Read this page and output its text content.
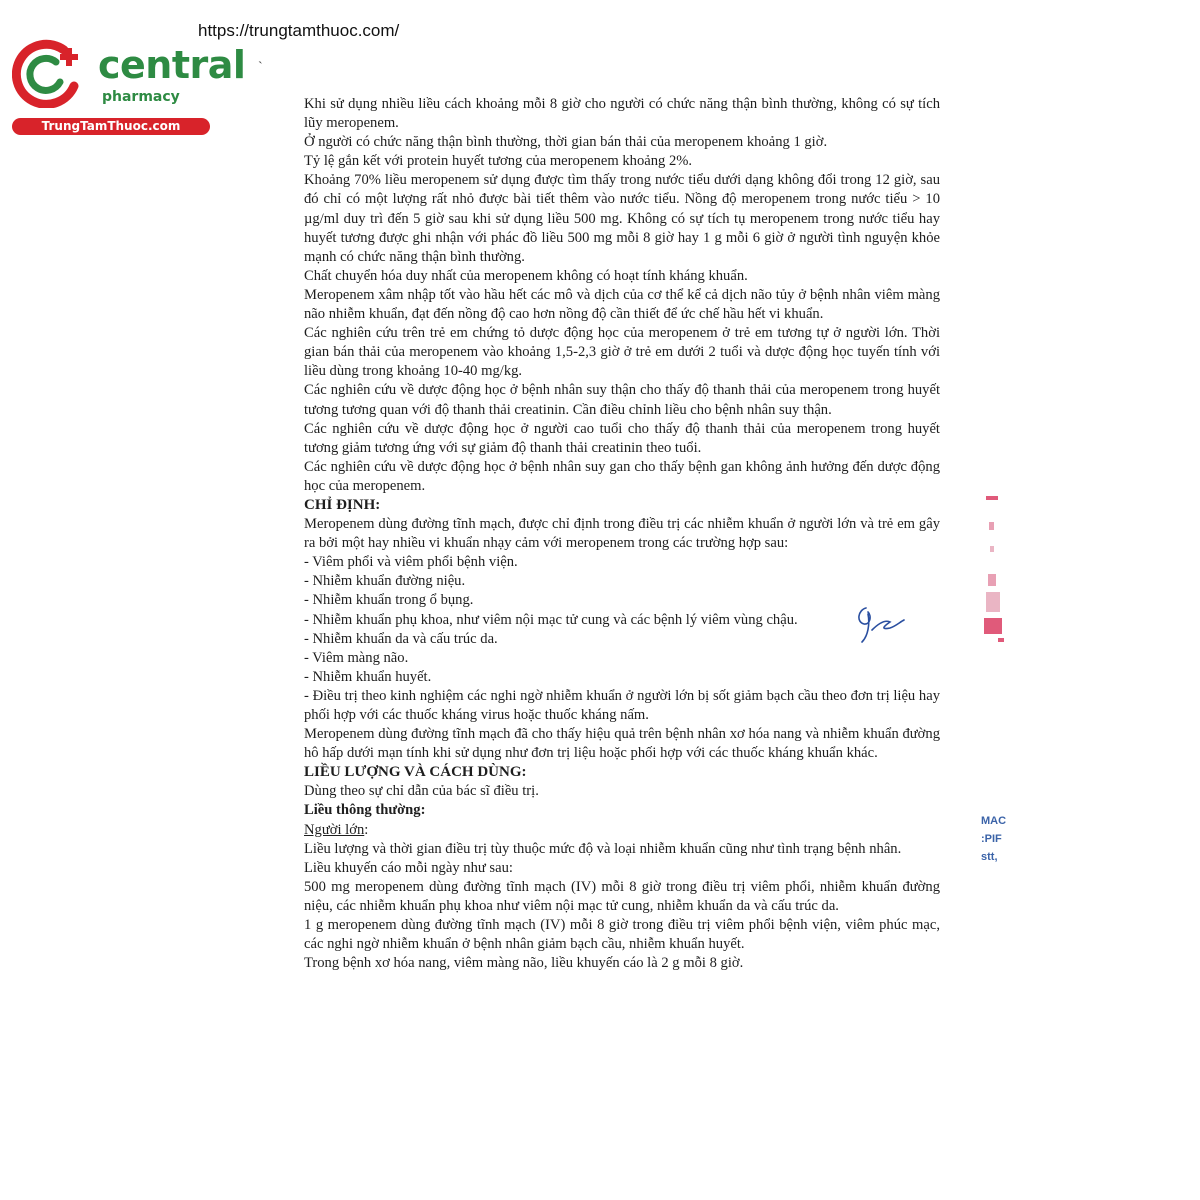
https://trungtamthuoc.com/
central
pharmacy
TrungTamThuoc.com
`

Khi sử dụng nhiều liều cách khoảng mỗi 8 giờ cho người có chức năng thận bình thường, không có sự tích lũy meropenem.

Ở người có chức năng thận bình thường, thời gian bán thải của meropenem khoảng 1 giờ.

Tỷ lệ gắn kết với protein huyết tương của meropenem khoảng 2%.

Khoảng 70% liều meropenem sử dụng được tìm thấy trong nước tiểu dưới dạng không đổi trong 12 giờ, sau đó chỉ có một lượng rất nhỏ được bài tiết thêm vào nước tiểu. Nồng độ meropenem trong nước tiểu > 10 µg/ml duy trì đến 5 giờ sau khi sử dụng liều 500 mg. Không có sự tích tụ meropenem trong nước tiểu hay huyết tương được ghi nhận với phác đồ liều 500 mg mỗi 8 giờ hay 1 g mỗi 6 giờ ở người tình nguyện khỏe mạnh có chức năng thận bình thường.

Chất chuyển hóa duy nhất của meropenem không có hoạt tính kháng khuẩn.

Meropenem xâm nhập tốt vào hầu hết các mô và dịch của cơ thể kể cả dịch não tủy ở bệnh nhân viêm màng não nhiễm khuẩn, đạt đến nồng độ cao hơn nồng độ cần thiết để ức chế hầu hết vi khuẩn.

Các nghiên cứu trên trẻ em chứng tỏ dược động học của meropenem ở trẻ em tương tự ở người lớn. Thời gian bán thải của meropenem vào khoảng 1,5-2,3 giờ ở trẻ em dưới 2 tuổi và dược động học tuyến tính với liều dùng trong khoảng 10-40 mg/kg.

Các nghiên cứu về dược động học ở bệnh nhân suy thận cho thấy độ thanh thải của meropenem trong huyết tương tương quan với độ thanh thải creatinin. Cần điều chỉnh liều cho bệnh nhân suy thận.

Các nghiên cứu về dược động học ở người cao tuổi cho thấy độ thanh thải của meropenem trong huyết tương giảm tương ứng với sự giảm độ thanh thải creatinin theo tuổi.

Các nghiên cứu về dược động học ở bệnh nhân suy gan cho thấy bệnh gan không ảnh hưởng đến dược động học của meropenem.

CHỈ ĐỊNH:

Meropenem dùng đường tĩnh mạch, được chỉ định trong điều trị các nhiễm khuẩn ở người lớn và trẻ em gây ra bởi một hay nhiều vi khuẩn nhạy cảm với meropenem trong các trường hợp sau:

- Viêm phổi và viêm phổi bệnh viện.

- Nhiễm khuẩn đường niệu.

- Nhiễm khuẩn trong ổ bụng.

- Nhiễm khuẩn phụ khoa, như viêm nội mạc tử cung và các bệnh lý viêm vùng chậu.

- Nhiễm khuẩn da và cấu trúc da.

- Viêm màng não.

- Nhiễm khuẩn huyết.

- Điều trị theo kinh nghiệm các nghi ngờ nhiễm khuẩn ở người lớn bị sốt giảm bạch cầu theo đơn trị liệu hay phối hợp với các thuốc kháng virus hoặc thuốc kháng nấm.

Meropenem dùng đường tĩnh mạch đã cho thấy hiệu quả trên bệnh nhân xơ hóa nang và nhiễm khuẩn đường hô hấp dưới mạn tính khi sử dụng như đơn trị liệu hoặc phối hợp với các thuốc kháng khuẩn khác.

LIỀU LƯỢNG VÀ CÁCH DÙNG:

Dùng theo sự chỉ dẫn của bác sĩ điều trị.

Liều thông thường:

Người lớn:

Liều lượng và thời gian điều trị tùy thuộc mức độ và loại nhiễm khuẩn cũng như tình trạng bệnh nhân.

Liều khuyến cáo mỗi ngày như sau:

500 mg meropenem dùng đường tĩnh mạch (IV) mỗi 8 giờ trong điều trị viêm phổi, nhiễm khuẩn đường niệu, các nhiễm khuẩn phụ khoa như viêm nội mạc tử cung, nhiễm khuẩn da và cấu trúc da.

1 g meropenem dùng đường tĩnh mạch (IV) mỗi 8 giờ trong điều trị viêm phổi bệnh viện, viêm phúc mạc, các nghi ngờ nhiễm khuẩn ở bệnh nhân giảm bạch cầu, nhiễm khuẩn huyết.

Trong bệnh xơ hóa nang, viêm màng não, liều khuyến cáo là 2 g mỗi 8 giờ.

MAC
:PIF
stt,
